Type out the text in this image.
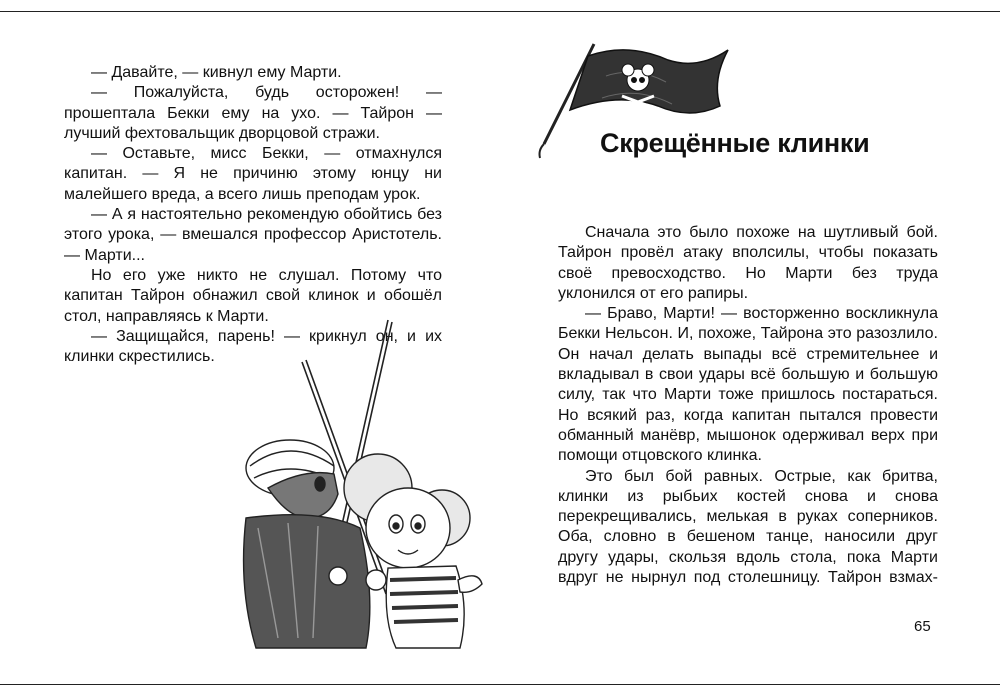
— Давайте, — кивнул ему Марти.

— Пожалуйста, будь осторожен! — прошептала Бекки ему на ухо. — Тайрон — лучший фехтовальщик дворцовой стражи.

— Оставьте, мисс Бекки, — отмахнулся капитан. — Я не причиню этому юнцу ни малейшего вреда, а всего лишь преподам урок.

— А я настоятельно рекомендую обойтись без этого урока, — вмешался профессор Аристотель. — Марти...

Но его уже никто не слушал. Потому что капитан Тайрон обнажил свой клинок и обошёл стол, направляясь к Марти.

— Защищайся, парень! — крикнул он, и их клинки скрестились.

Скрещённые клинки

Сначала это было похоже на шутливый бой. Тайрон провёл атаку вполсилы, чтобы показать своё превосходство. Но Марти без труда уклонился от его рапиры.

— Браво, Марти! — восторженно воскликнула Бекки Нельсон. И, похоже, Тайрона это разозлило. Он начал делать выпады всё стремительнее и вкладывал в свои удары всё большую и большую силу, так что Марти тоже пришлось постараться. Но всякий раз, когда капитан пытался провести обманный манёвр, мышонок одерживал верх при помощи отцовского клинка.

Это был бой равных. Острые, как бритва, клинки из рыбьих костей снова и снова перекрещивались, мелькая в руках соперников. Оба, словно в бешеном танце, наносили друг другу удары, скользя вдоль стола, пока Марти вдруг не нырнул под столешницу. Тайрон взмах-

65
